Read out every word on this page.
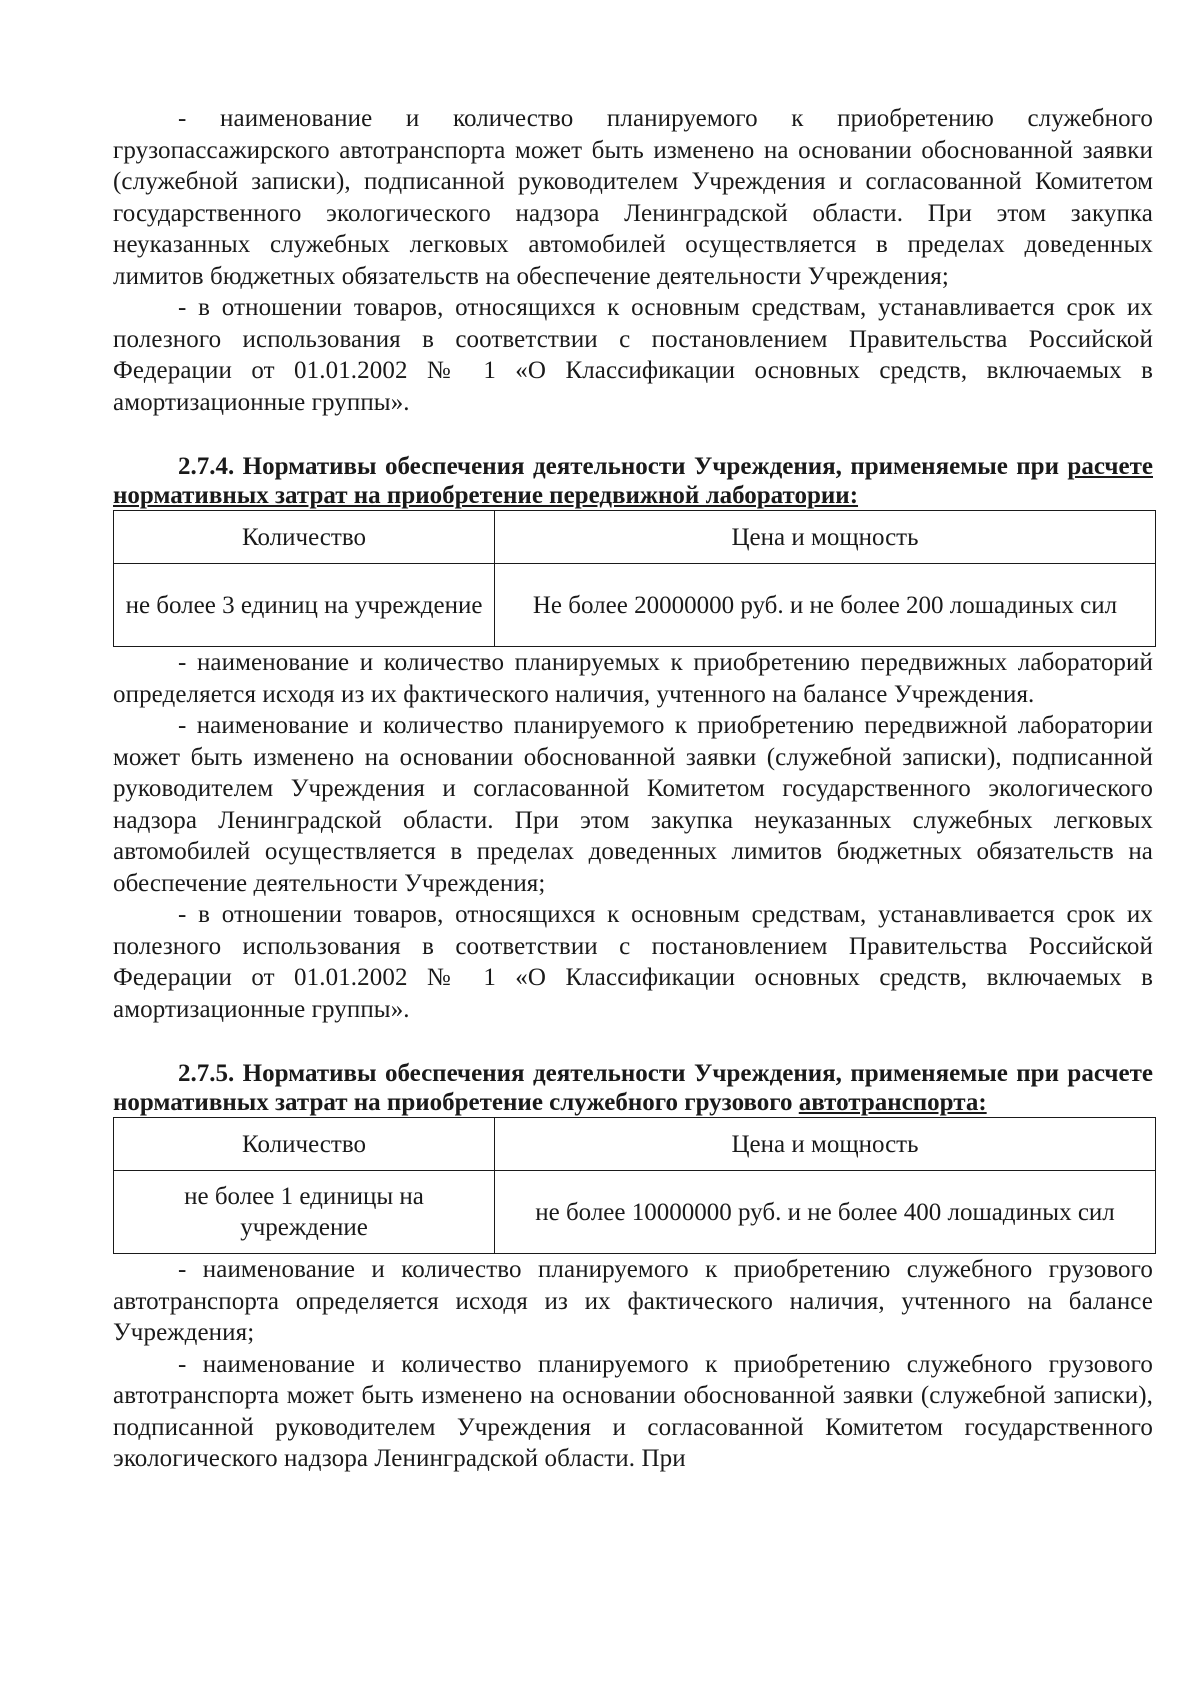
- наименование и количество планируемого к приобретению служебного грузопассажирского автотранспорта может быть изменено на основании обоснованной заявки (служебной записки), подписанной руководителем Учреждения и согласованной Комитетом государственного экологического надзора Ленинградской области. При этом закупка неуказанных служебных легковых автомобилей осуществляется в пределах доведенных лимитов бюджетных обязательств на обеспечение деятельности Учреждения;

- в отношении товаров, относящихся к основным средствам, устанавливается срок их полезного использования в соответствии с постановлением Правительства Российской Федерации от 01.01.2002 № 1 «О Классификации основных средств, включаемых в амортизационные группы».

2.7.4. Нормативы обеспечения деятельности Учреждения, применяемые при расчете нормативных затрат на приобретение передвижной лаборатории:
Количество	Цена и мощность
не более 3 единиц на учреждение	Не более 20000000 руб. и не более 200 лошадиных сил

- наименование и количество планируемых к приобретению передвижных лабораторий определяется исходя из их фактического наличия, учтенного на балансе Учреждения.

- наименование и количество планируемого к приобретению передвижной лаборатории может быть изменено на основании обоснованной заявки (служебной записки), подписанной руководителем Учреждения и согласованной Комитетом государственного экологического надзора Ленинградской области. При этом закупка неуказанных служебных легковых автомобилей осуществляется в пределах доведенных лимитов бюджетных обязательств на обеспечение деятельности Учреждения;

- в отношении товаров, относящихся к основным средствам, устанавливается срок их полезного использования в соответствии с постановлением Правительства Российской Федерации от 01.01.2002 № 1 «О Классификации основных средств, включаемых в амортизационные группы».

2.7.5. Нормативы обеспечения деятельности Учреждения, применяемые при расчете нормативных затрат на приобретение служебного грузового автотранспорта:
Количество	Цена и мощность
не более 1 единицы на учреждение	не более 10000000 руб. и не более 400 лошадиных сил

- наименование и количество планируемого к приобретению служебного грузового автотранспорта определяется исходя из их фактического наличия, учтенного на балансе Учреждения;

- наименование и количество планируемого к приобретению служебного грузового автотранспорта может быть изменено на основании обоснованной заявки (служебной записки), подписанной руководителем Учреждения и согласованной Комитетом государственного экологического надзора Ленинградской области. При
